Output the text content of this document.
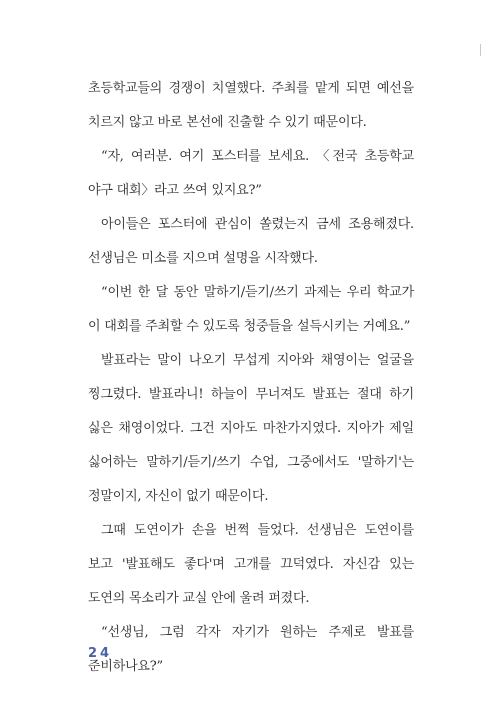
초등학교들의 경쟁이 치열했다. 주최를 맡게 되면 예선을 치르지 않고 바로 본선에 진출할 수 있기 때문이다.

“자, 여러분. 여기 포스터를 보세요. 〈전국 초등학교 야구 대회〉라고 쓰여 있지요?”

아이들은 포스터에 관심이 쏠렸는지 금세 조용해졌다. 선생님은 미소를 지으며 설명을 시작했다.

“이번 한 달 동안 말하기/듣기/쓰기 과제는 우리 학교가 이 대회를 주최할 수 있도록 청중들을 설득시키는 거예요.”

발표라는 말이 나오기 무섭게 지아와 채영이는 얼굴을 찡그렸다. 발표라니! 하늘이 무너져도 발표는 절대 하기 싫은 채영이었다. 그건 지아도 마찬가지였다. 지아가 제일 싫어하는 말하기/듣기/쓰기 수업, 그중에서도 '말하기'는 정말이지, 자신이 없기 때문이다.

그때 도연이가 손을 번쩍 들었다. 선생님은 도연이를 보고 '발표해도 좋다'며 고개를 끄덕였다. 자신감 있는 도연의 목소리가 교실 안에 울려 퍼졌다.

“선생님, 그럼 각자 자기가 원하는 주제로 발표를 준비하나요?”

24
